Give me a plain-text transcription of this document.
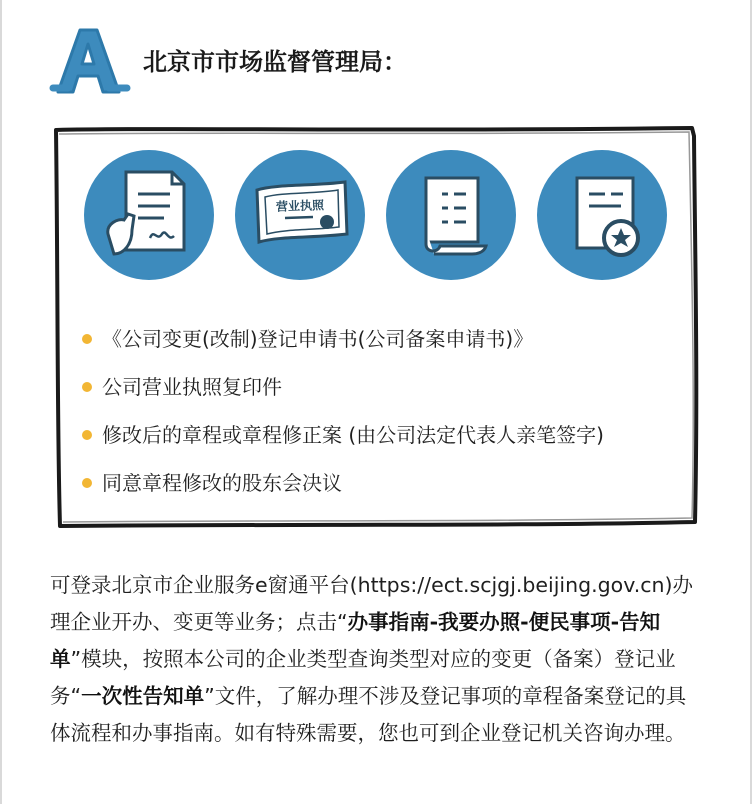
A
北京市市场监督管理局：
营业执照
《公司变更(改制)登记申请书(公司备案申请书)》
公司营业执照复印件
修改后的章程或章程修正案 (由公司法定代表人亲笔签字)
同意章程修改的股东会决议

可登录北京市企业服务e窗通平台(https://ect.scjgj.beijing.gov.cn)办理企业开办、变更等业务；点击“办事指南-我要办照-便民事项-告知单”模块，按照本公司的企业类型查询类型对应的变更（备案）登记业务“一次性告知单”文件，了解办理不涉及登记事项的章程备案登记的具体流程和办事指南。如有特殊需要，您也可到企业登记机关咨询办理。
